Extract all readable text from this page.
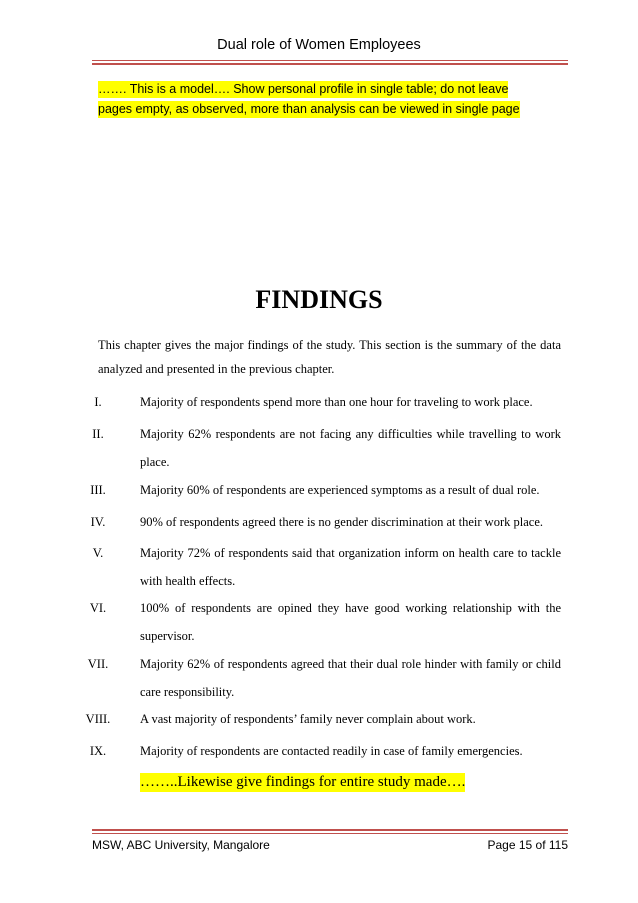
Dual role of Women Employees
……. This is a model…. Show personal profile in single table; do not leave
pages empty, as observed, more than analysis can be viewed in single page
FINDINGS
This chapter gives the major findings of the study. This section is the summary of the data analyzed and presented in the previous chapter.
I.	Majority of respondents spend more than one hour for traveling to work place.
II.	Majority 62% respondents are not facing any difficulties while travelling to work place.
III.	Majority 60% of respondents are experienced symptoms as a result of dual role.
IV.	90% of respondents agreed there is no gender discrimination at their work place.
V.	Majority 72% of respondents said that organization inform on health care to tackle with health effects.
VI.	100% of respondents are opined they have good working relationship with the supervisor.
VII.	Majority 62% of respondents agreed that their dual role hinder with family or child care responsibility.
VIII.	A vast majority of respondents’ family never complain about work.
IX.	Majority of respondents are contacted readily in case of family emergencies.
……..Likewise give findings for entire study made….
MSW, ABC University, Mangalore	Page 15 of 115
